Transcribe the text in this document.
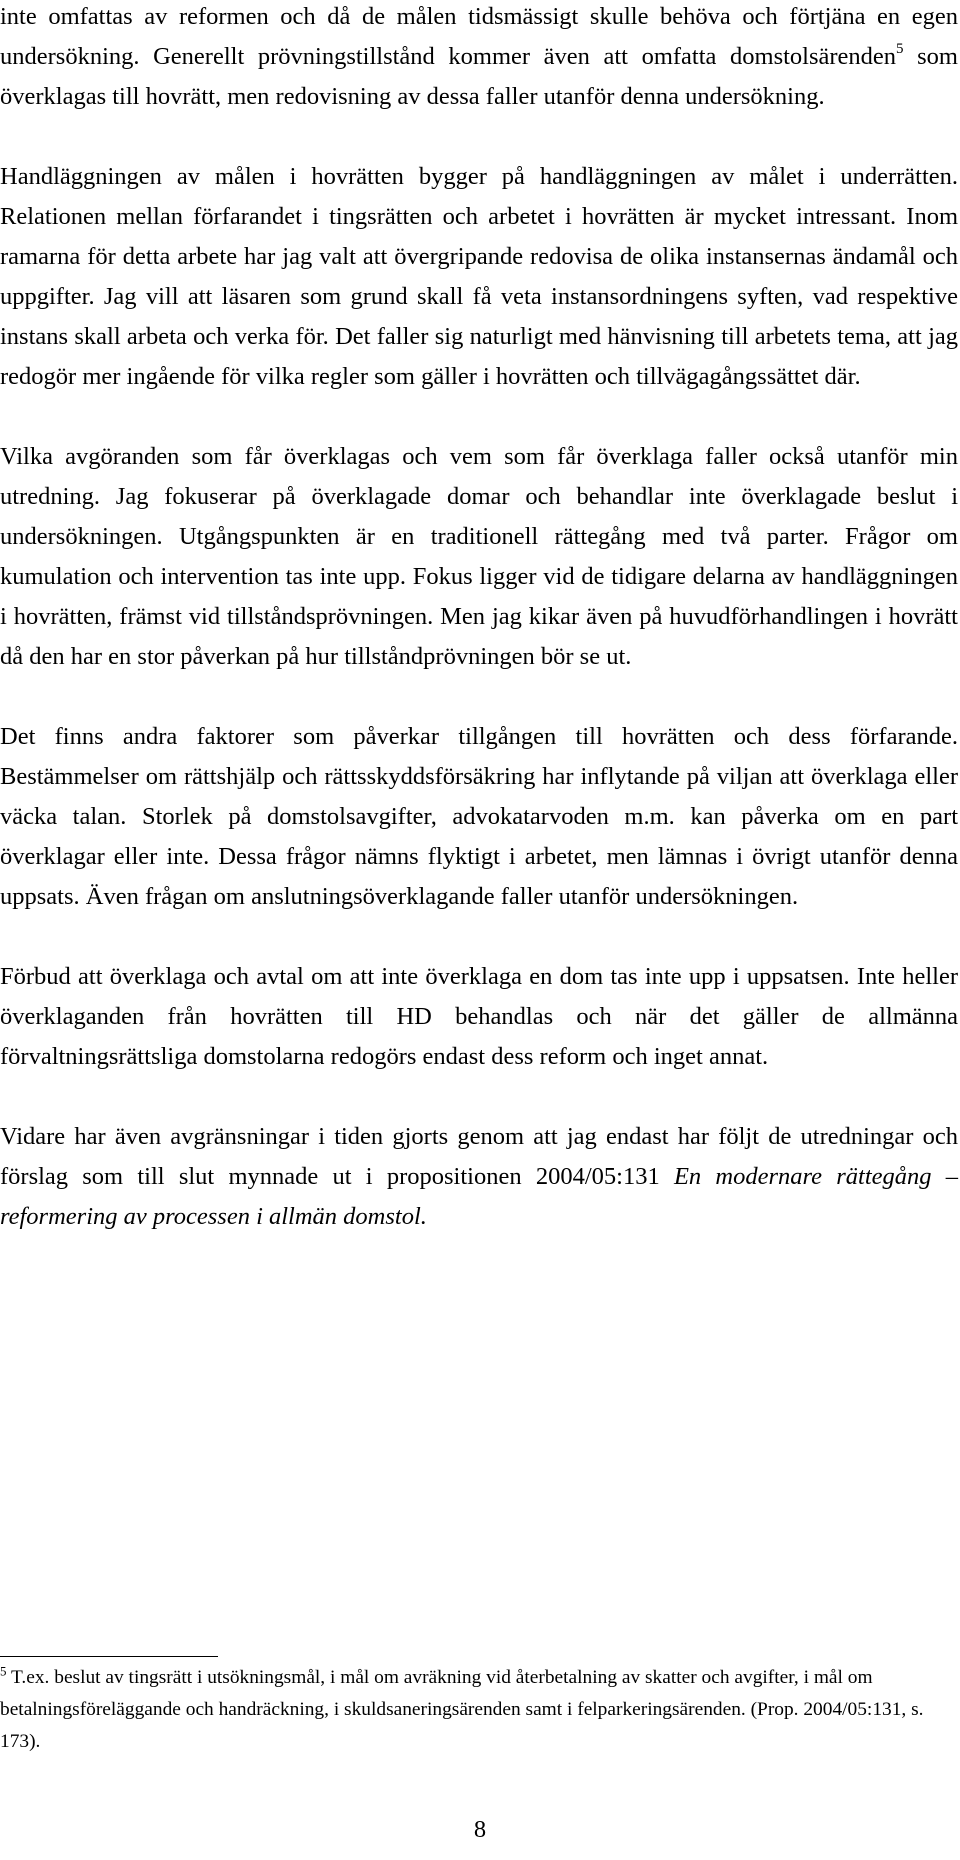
inte omfattas av reformen och då de målen tidsmässigt skulle behöva och förtjäna en egen undersökning. Generellt prövningstillstånd kommer även att omfatta domstolsärenden$^5$ som överklagas till hovrätt, men redovisning av dessa faller utanför denna undersökning.

Handläggningen av målen i hovrätten bygger på handläggningen av målet i underrätten. Relationen mellan förfarandet i tingsrätten och arbetet i hovrätten är mycket intressant. Inom ramarna för detta arbete har jag valt att övergripande redovisa de olika instansernas ändamål och uppgifter. Jag vill att läsaren som grund skall få veta instansordningens syften, vad respektive instans skall arbeta och verka för. Det faller sig naturligt med hänvisning till arbetets tema, att jag redogör mer ingående för vilka regler som gäller i hovrätten och tillvägagångssättet där.

Vilka avgöranden som får överklagas och vem som får överklaga faller också utanför min utredning. Jag fokuserar på överklagade domar och behandlar inte överklagade beslut i undersökningen. Utgångspunkten är en traditionell rättegång med två parter. Frågor om kumulation och intervention tas inte upp. Fokus ligger vid de tidigare delarna av handläggningen i hovrätten, främst vid tillståndsprövningen. Men jag kikar även på huvudförhandlingen i hovrätt då den har en stor påverkan på hur tillståndprövningen bör se ut.

Det finns andra faktorer som påverkar tillgången till hovrätten och dess förfarande. Bestämmelser om rättshjälp och rättsskyddsförsäkring har inflytande på viljan att överklaga eller väcka talan. Storlek på domstolsavgifter, advokatarvoden m.m. kan påverka om en part överklagar eller inte. Dessa frågor nämns flyktigt i arbetet, men lämnas i övrigt utanför denna uppsats. Även frågan om anslutningsöverklagande faller utanför undersökningen.

Förbud att överklaga och avtal om att inte överklaga en dom tas inte upp i uppsatsen. Inte heller överklaganden från hovrätten till HD behandlas och när det gäller de allmänna förvaltningsrättsliga domstolarna redogörs endast dess reform och inget annat.

Vidare har även avgränsningar i tiden gjorts genom att jag endast har följt de utredningar och förslag som till slut mynnade ut i propositionen 2004/05:131 En modernare rättegång – reformering av processen i allmän domstol.

$^5$ T.ex. beslut av tingsrätt i utsökningsmål, i mål om avräkning vid återbetalning av skatter och avgifter, i mål om betalningsföreläggande och handräckning, i skuldsaneringsärenden samt i felparkeringsärenden. (Prop. 2004/05:131, s. 173).
8
